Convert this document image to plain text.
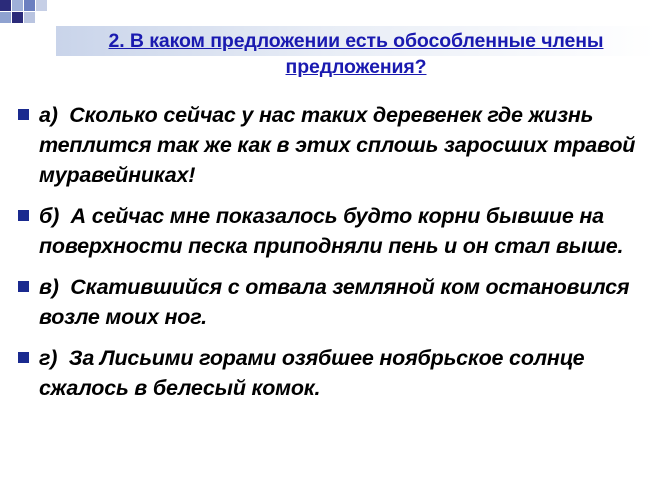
2. В каком предложении есть обособленные члены предложения?
а) Сколько сейчас у нас таких деревенек где жизнь теплится так же как в этих сплошь заросших травой муравейниках!
б) А сейчас мне показалось будто корни бывшие на поверхности песка приподняли пень и он стал выше.
в) Скатившийся с отвала земляной ком остановился возле моих ног.
г) За Лисьими горами озябшее ноябрьское солнце сжалось в белесый комок.
